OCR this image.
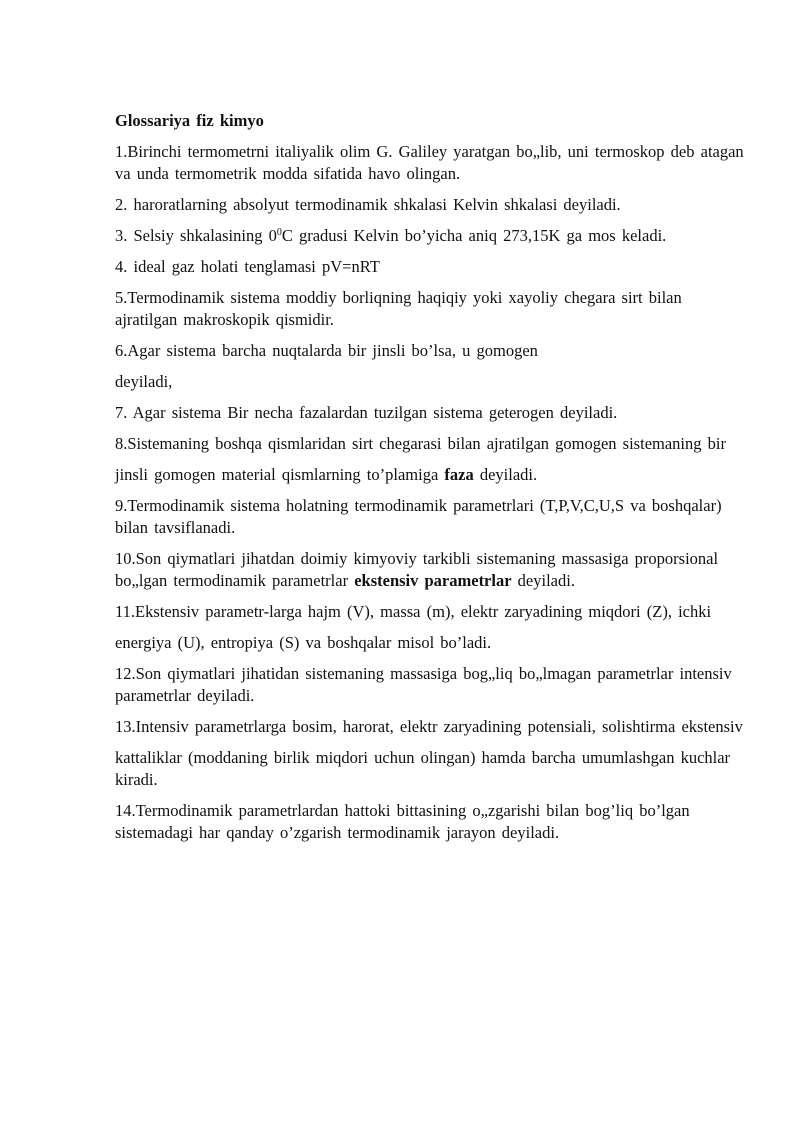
Glossariya fiz kimyo

1.Birinchi termometrni italiyalik olim G. Galiley yaratgan bo„lib, uni termoskop deb atagan va unda termometrik modda sifatida havo olingan.

2. haroratlarning absolyut termodinamik shkalasi Kelvin shkalasi deyiladi.

3. Selsiy shkalasining $0^0C$ gradusi Kelvin bo’yicha aniq 273,15K ga mos keladi.

4. ideal gaz holati tenglamasi pV=nRT

5.Termodinamik sistema moddiy borliqning haqiqiy yoki xayoliy chegara sirt bilan ajratilgan makroskopik qismidir.

6.Agar sistema barcha nuqtalarda bir jinsli bo’lsa, u gomogen

deyiladi,

7. Agar sistema Bir necha fazalardan tuzilgan sistema geterogen deyiladi.

8.Sistemaning boshqa qismlaridan sirt chegarasi bilan ajratilgan gomogen sistemaning bir

jinsli gomogen material qismlarning to’plamiga faza deyiladi.

9.Termodinamik sistema holatning termodinamik parametrlari (T,P,V,C,U,S va boshqalar) bilan tavsiflanadi.

10.Son qiymatlari jihatdan doimiy kimyoviy tarkibli sistemaning massasiga proporsional bo„lgan termodinamik parametrlar ekstensiv parametrlar deyiladi.

11.Ekstensiv parametr-larga hajm (V), massa (m), elektr zaryadining miqdori (Z), ichki

energiya (U), entropiya (S) va boshqalar misol bo’ladi.

12.Son qiymatlari jihatidan sistemaning massasiga bog„liq bo„lmagan parametrlar intensiv parametrlar deyiladi.

13.Intensiv parametrlarga bosim, harorat, elektr zaryadining potensiali, solishtirma ekstensiv

kattaliklar (moddaning birlik miqdori uchun olingan) hamda barcha umumlashgan kuchlar kiradi.

14.Termodinamik parametrlardan hattoki bittasining o„zgarishi bilan bog’liq bo’lgan sistemadagi har qanday o’zgarish termodinamik jarayon deyiladi.
